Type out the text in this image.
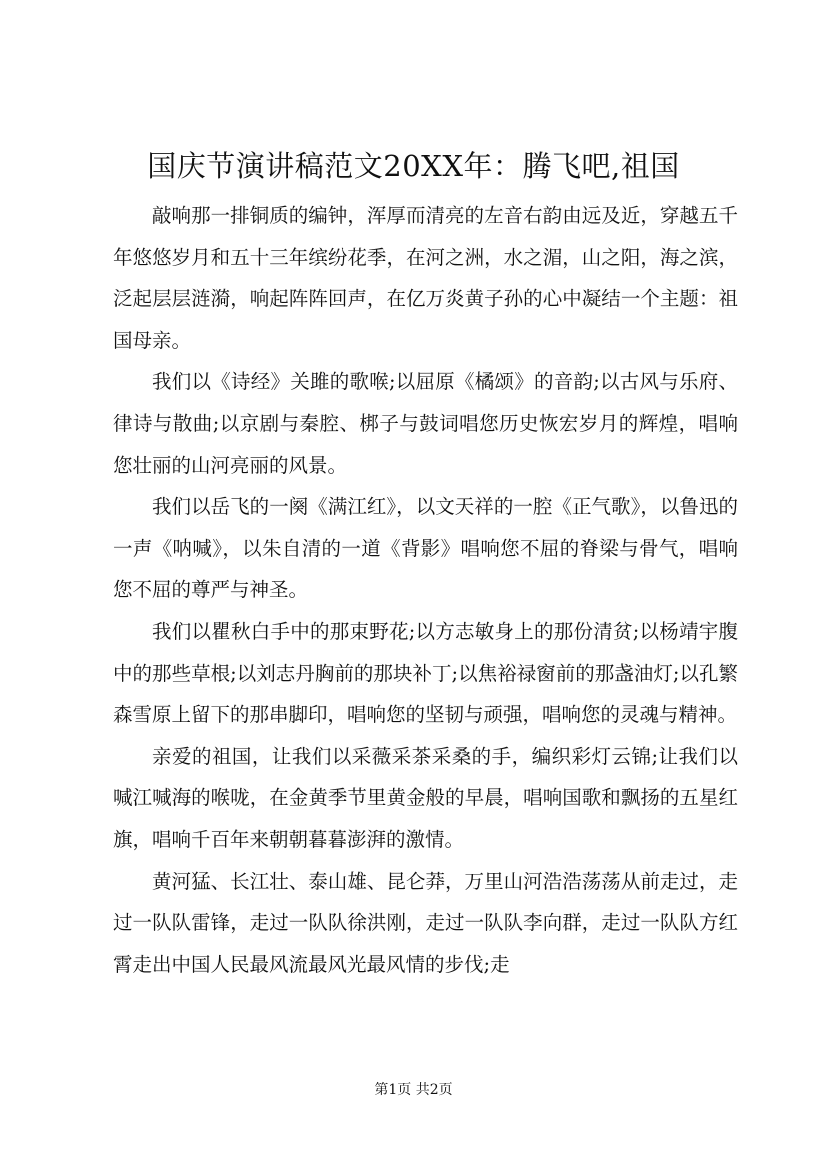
国庆节演讲稿范文20XX年：腾飞吧,祖国

敲响那一排铜质的编钟，浑厚而清亮的左音右韵由远及近，穿越五千年悠悠岁月和五十三年缤纷花季，在河之洲，水之湄，山之阳，海之滨，泛起层层涟漪，响起阵阵回声，在亿万炎黄子孙的心中凝结一个主题：祖国母亲。

我们以《诗经》关雎的歌喉;以屈原《橘颂》的音韵;以古风与乐府、律诗与散曲;以京剧与秦腔、梆子与鼓词唱您历史恢宏岁月的辉煌，唱响您壮丽的山河亮丽的风景。

我们以岳飞的一阕《满江红》，以文天祥的一腔《正气歌》，以鲁迅的一声《呐喊》，以朱自清的一道《背影》唱响您不屈的脊梁与骨气，唱响您不屈的尊严与神圣。

我们以瞿秋白手中的那束野花;以方志敏身上的那份清贫;以杨靖宇腹中的那些草根;以刘志丹胸前的那块补丁;以焦裕禄窗前的那盏油灯;以孔繁森雪原上留下的那串脚印，唱响您的坚韧与顽强，唱响您的灵魂与精神。

亲爱的祖国，让我们以采薇采茶采桑的手，编织彩灯云锦;让我们以喊江喊海的喉咙，在金黄季节里黄金般的早晨，唱响国歌和飘扬的五星红旗，唱响千百年来朝朝暮暮澎湃的激情。

黄河猛、长江壮、泰山雄、昆仑莽，万里山河浩浩荡荡从前走过，走过一队队雷锋，走过一队队徐洪刚，走过一队队李向群，走过一队队方红霄走出中国人民最风流最风光最风情的步伐;走

第1页 共2页
